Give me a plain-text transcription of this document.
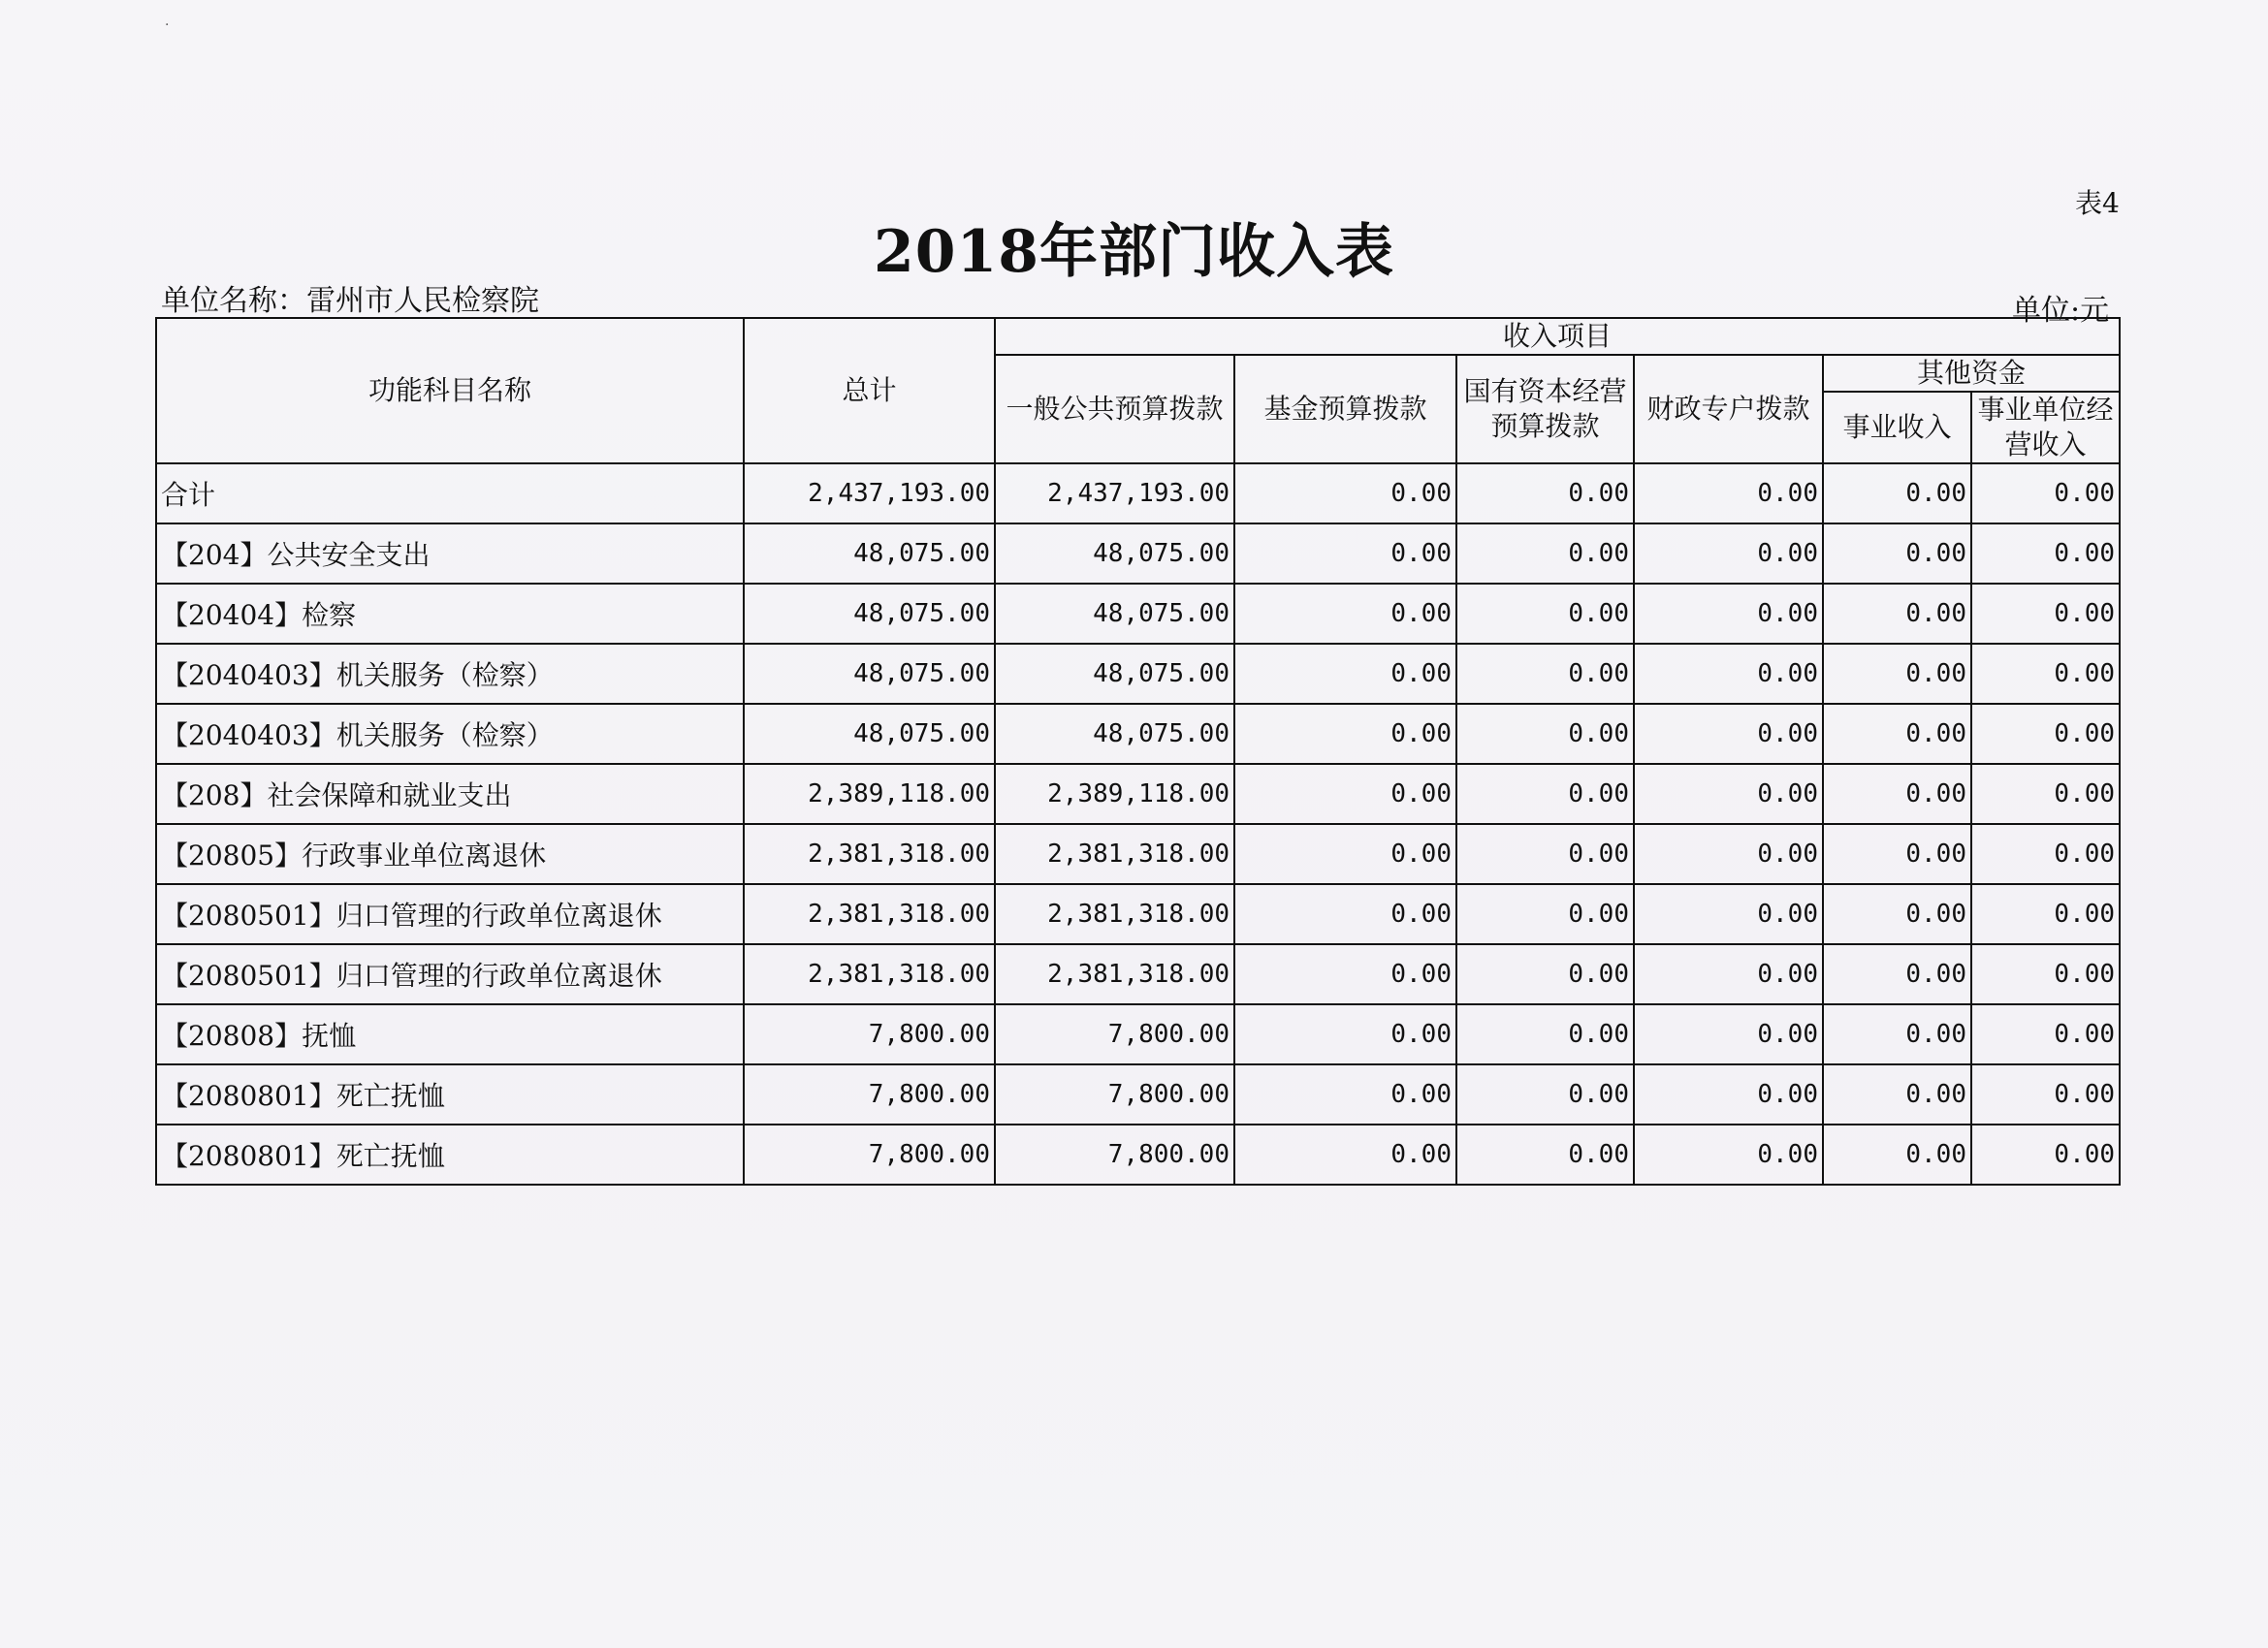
·
表4
2018年部门收入表
单位名称：雷州市人民检察院	单位:元
功能科目名称	总计	收入项目					
		一般公共预算拨款	基金预算拨款	国有资本经营预算拨款	财政专户拨款	其他资金	
						事业收入	事业单位经营收入
合计	2,437,193.00	2,437,193.00	0.00	0.00	0.00	0.00	0.00
【204】公共安全支出	48,075.00	48,075.00	0.00	0.00	0.00	0.00	0.00
【20404】检察	48,075.00	48,075.00	0.00	0.00	0.00	0.00	0.00
【2040403】机关服务（检察）	48,075.00	48,075.00	0.00	0.00	0.00	0.00	0.00
【2040403】机关服务（检察）	48,075.00	48,075.00	0.00	0.00	0.00	0.00	0.00
【208】社会保障和就业支出	2,389,118.00	2,389,118.00	0.00	0.00	0.00	0.00	0.00
【20805】行政事业单位离退休	2,381,318.00	2,381,318.00	0.00	0.00	0.00	0.00	0.00
【2080501】归口管理的行政单位离退休	2,381,318.00	2,381,318.00	0.00	0.00	0.00	0.00	0.00
【2080501】归口管理的行政单位离退休	2,381,318.00	2,381,318.00	0.00	0.00	0.00	0.00	0.00
【20808】抚恤	7,800.00	7,800.00	0.00	0.00	0.00	0.00	0.00
【2080801】死亡抚恤	7,800.00	7,800.00	0.00	0.00	0.00	0.00	0.00
【2080801】死亡抚恤	7,800.00	7,800.00	0.00	0.00	0.00	0.00	0.00
